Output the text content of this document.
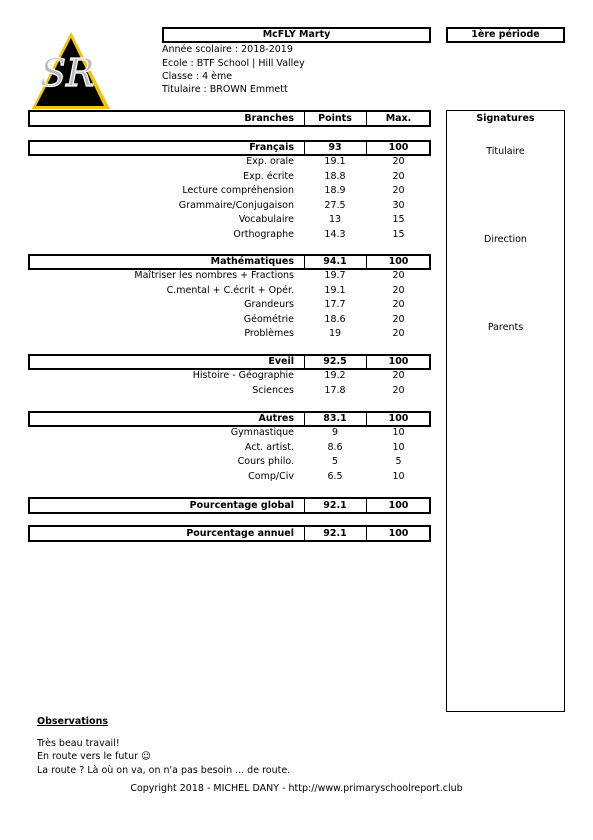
SR
McFLY Marty	1ère période
Année scolaire : 2018-2019
Ecole : BTF School | Hill Valley
Classe : 4 ème
Titulaire : BROWN Emmett
Branches	Points	Max.
Français	93	100
Exp. orale	19.1	20
Exp. écrite	18.8	20
Lecture compréhension	18.9	20
Grammaire/Conjugaison	27.5	30
Vocabulaire	13	15
Orthographe	14.3	15
Mathématiques	94.1	100
Maîtriser les nombres + Fractions	19.7	20
C.mental + C.écrit + Opér.	19.1	20
Grandeurs	17.7	20
Géométrie	18.6	20
Problèmes	19	20
Eveil	92.5	100
Histoire - Géographie	19.2	20
Sciences	17.8	20
Autres	83.1	100
Gymnastique	9	10
Act. artist.	8.6	10
Cours philo.	5	5
Comp/Civ	6.5	10
Pourcentage global	92.1	100
Pourcentage annuel	92.1	100
Signatures
Titulaire
Direction
Parents
Observations
Très beau travail!
En route vers le futur ☺
La route ? Là où on va, on n'a pas besoin ... de route.
Copyright 2018 - MICHEL DANY - http://www.primaryschoolreport.club
